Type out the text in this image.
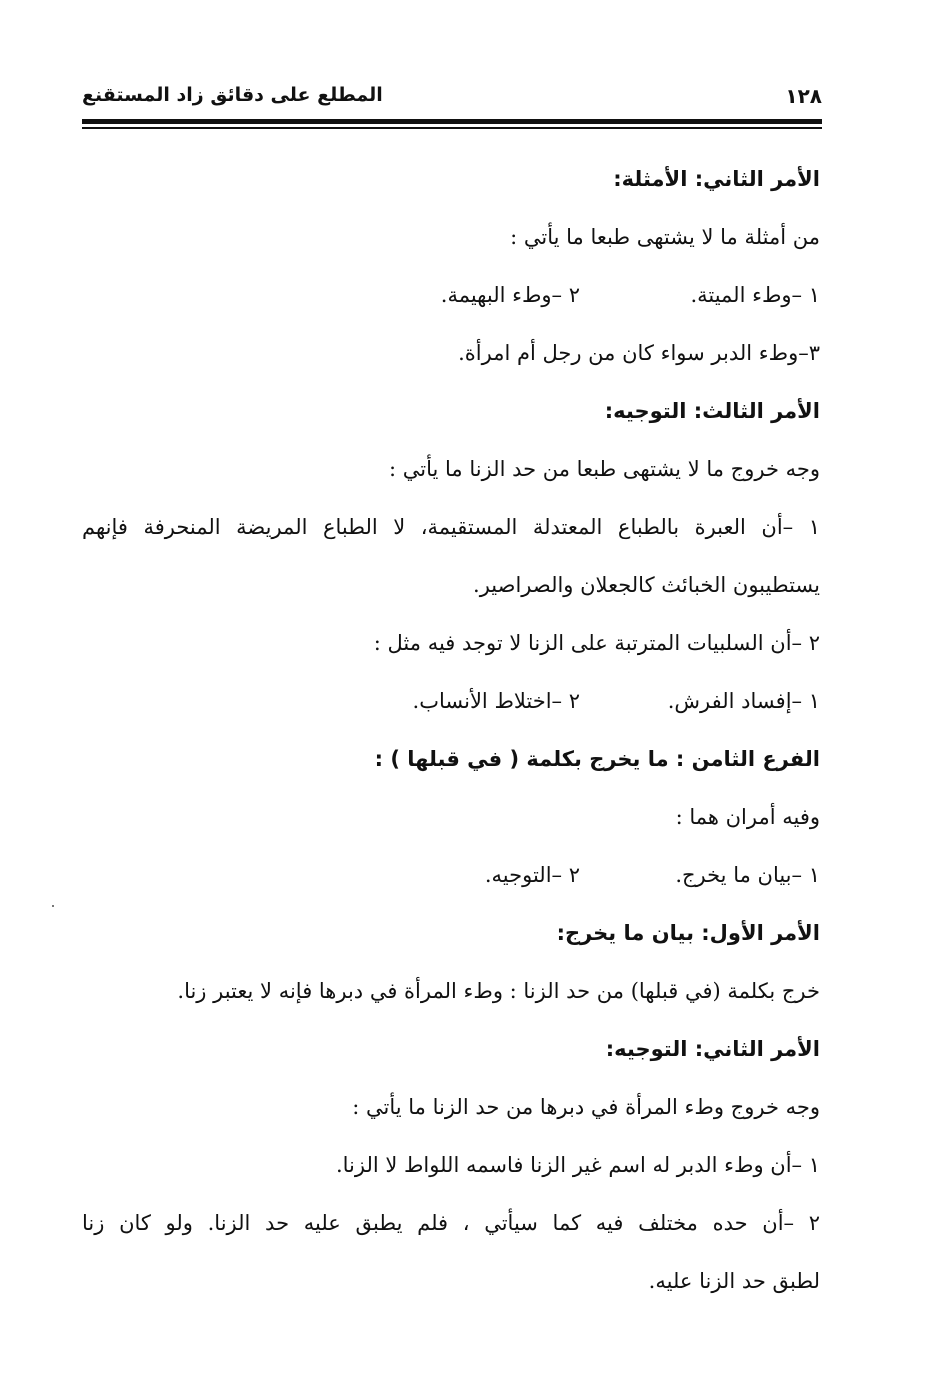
١٢٨
المطلع على دقائق زاد المستقنع
الأمر الثاني: الأمثلة:
من أمثلة ما لا يشتهى طبعا ما يأتي :
١ –وطء الميتة.
٢ –وطء البهيمة.
٣–وطء الدبر سواء كان من رجل أم امرأة.
الأمر الثالث: التوجيه:
وجه خروج ما لا يشتهى طبعا من حد الزنا ما يأتي :
١ –أن العبرة بالطباع المعتدلة المستقيمة، لا الطباع المريضة المنحرفة فإنهم
يستطيبون الخبائث كالجعلان والصراصير.
٢ –أن السلبيات المترتبة على الزنا لا توجد فيه مثل :
١ –إفساد الفرش.
٢ –اختلاط الأنساب.
الفرع الثامن : ما يخرج بكلمة ( في قبلها ) :
وفيه أمران هما :
١ –بيان ما يخرج.
٢ –التوجيه.
الأمر الأول: بيان ما يخرج:
خرج بكلمة (في قبلها) من حد الزنا : وطء المرأة في دبرها فإنه لا يعتبر زنا.
الأمر الثاني: التوجيه:
وجه خروج وطء المرأة في دبرها من حد الزنا ما يأتي :
١ –أن وطء الدبر له اسم غير الزنا فاسمه اللواط لا الزنا.
٢ –أن حده مختلف فيه كما سيأتي ، فلم يطبق عليه حد الزنا. ولو كان زنا
لطبق حد الزنا عليه.
